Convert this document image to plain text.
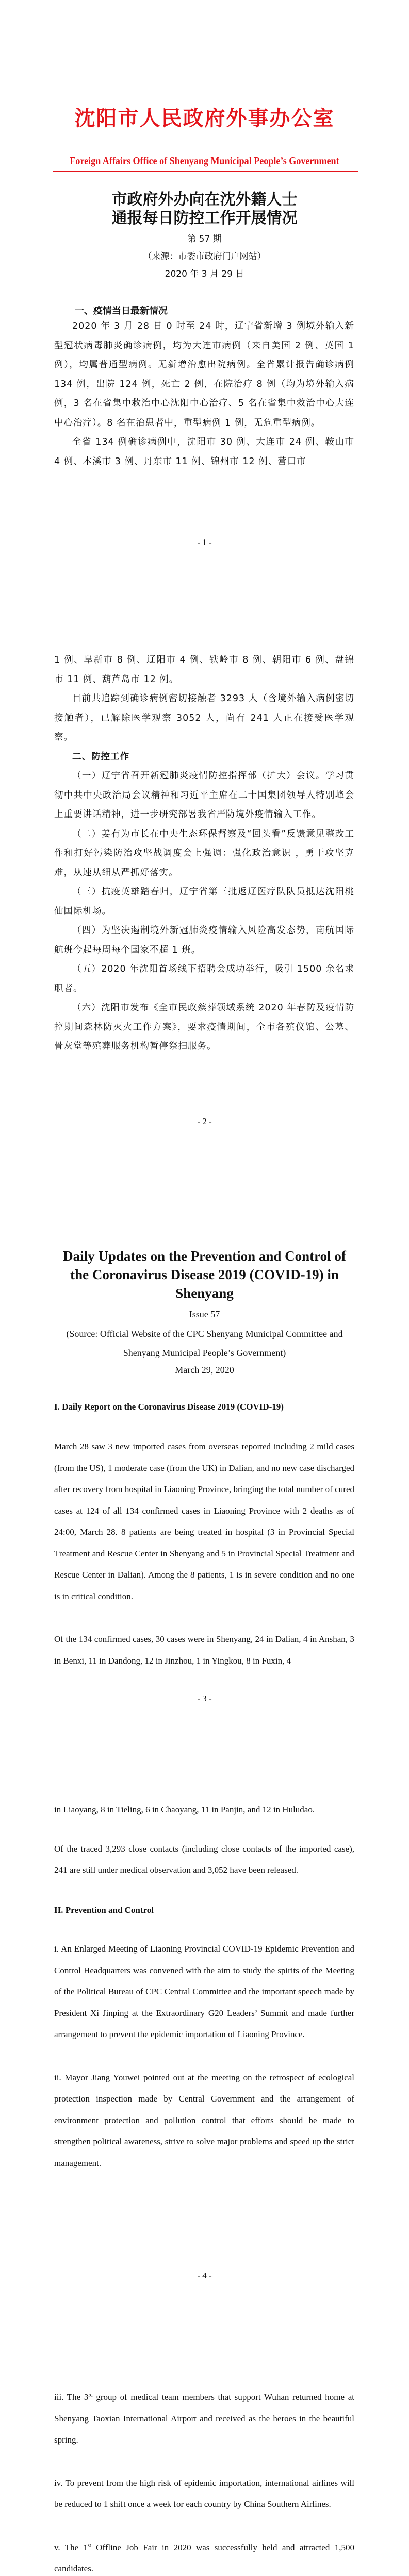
沈阳市人民政府外事办公室
Foreign Affairs Office of Shenyang Municipal People’s Government
市政府外办向在沈外籍人士
通报每日防控工作开展情况
第 57 期
（来源：市委市政府门户网站）
2020 年 3 月 29 日
一、疫情当日最新情况

2020 年 3 月 28 日 0 时至 24 时，辽宁省新增 3 例境外输入新型冠状病毒肺炎确诊病例，均为大连市病例（来自美国 2 例、英国 1 例），均属普通型病例。无新增治愈出院病例。全省累计报告确诊病例 134 例，出院 124 例，死亡 2 例，在院治疗 8 例（均为境外输入病例，3 名在省集中救治中心沈阳中心治疗、5 名在省集中救治中心大连中心治疗）。8 名在治患者中，重型病例 1 例，无危重型病例。

全省 134 例确诊病例中，沈阳市 30 例、大连市 24 例、鞍山市 4 例、本溪市 3 例、丹东市 11 例、锦州市 12 例、营口市

- 1 -

1 例、阜新市 8 例、辽阳市 4 例、铁岭市 8 例、朝阳市 6 例、盘锦市 11 例、葫芦岛市 12 例。

目前共追踪到确诊病例密切接触者 3293 人（含境外输入病例密切接触者），已解除医学观察 3052 人，尚有 241 人正在接受医学观察。

二、防控工作

（一）辽宁省召开新冠肺炎疫情防控指挥部（扩大）会议。学习贯彻中共中央政治局会议精神和习近平主席在二十国集团领导人特别峰会上重要讲话精神，进一步研究部署我省严防境外疫情输入工作。

（二）姜有为市长在中央生态环保督察及“回头看”反馈意见整改工作和打好污染防治攻坚战调度会上强调：强化政治意识 ，勇于攻坚克难，从速从细从严抓好落实。

（三）抗疫英雄踏春归，辽宁省第三批返辽医疗队队员抵达沈阳桃仙国际机场。

（四）为坚决遏制境外新冠肺炎疫情输入风险高发态势，南航国际航班今起每周每个国家不超 1 班。

（五）2020 年沈阳首场线下招聘会成功举行，吸引 1500 余名求职者。

（六）沈阳市发布《全市民政殡葬领域系统 2020 年春防及疫情防控期间森林防灭火工作方案》，要求疫情期间，全市各殡仪馆、公墓、骨灰堂等殡葬服务机构暂停祭扫服务。

- 2 -
Daily Updates on the Prevention and Control of the Coronavirus Disease 2019 (COVID-19) in Shenyang
Issue 57
(Source: Official Website of the CPC Shenyang Municipal Committee and
Shenyang Municipal People’s Government)
March 29, 2020
I. Daily Report on the Coronavirus Disease 2019 (COVID-19)

March 28 saw 3 new imported cases from overseas reported including 2 mild cases (from the US), 1 moderate case (from the UK) in Dalian, and no new case discharged after recovery from hospital in Liaoning Province, bringing the total number of cured cases at 124 of all 134 confirmed cases in Liaoning Province with 2 deaths as of 24:00, March 28. 8 patients are being treated in hospital (3 in Provincial Special Treatment and Rescue Center in Shenyang and 5 in Provincial Special Treatment and Rescue Center in Dalian). Among the 8 patients, 1 is in severe condition and no one is in critical condition.

Of the 134 confirmed cases, 30 cases were in Shenyang, 24 in Dalian, 4 in Anshan, 3 in Benxi, 11 in Dandong, 12 in Jinzhou, 1 in Yingkou, 8 in Fuxin, 4

- 3 -

in Liaoyang, 8 in Tieling, 6 in Chaoyang, 11 in Panjin, and 12 in Huludao.

Of the traced 3,293 close contacts (including close contacts of the imported case), 241 are still under medical observation and 3,052 have been released.

II. Prevention and Control

i. An Enlarged Meeting of Liaoning Provincial COVID-19 Epidemic Prevention and Control Headquarters was convened with the aim to study the spirits of the Meeting of the Political Bureau of CPC Central Committee and the important speech made by President Xi Jinping at the Extraordinary G20 Leaders’ Summit and made further arrangement to prevent the epidemic importation of Liaoning Province.

ii. Mayor Jiang Youwei pointed out at the meeting on the retrospect of ecological protection inspection made by Central Government and the arrangement of environment protection and pollution control that efforts should be made to strengthen political awareness, strive to solve major problems and speed up the strict management.

- 4 -

iii. The 3rd group of medical team members that support Wuhan returned home at Shenyang Taoxian International Airport and received as the heroes in the beautiful spring.

iv. To prevent from the high risk of epidemic importation, international airlines will be reduced to 1 shift once a week for each country by China Southern Airlines.

v. The 1st Offline Job Fair in 2020 was successfully held and attracted 1,500 candidates.
